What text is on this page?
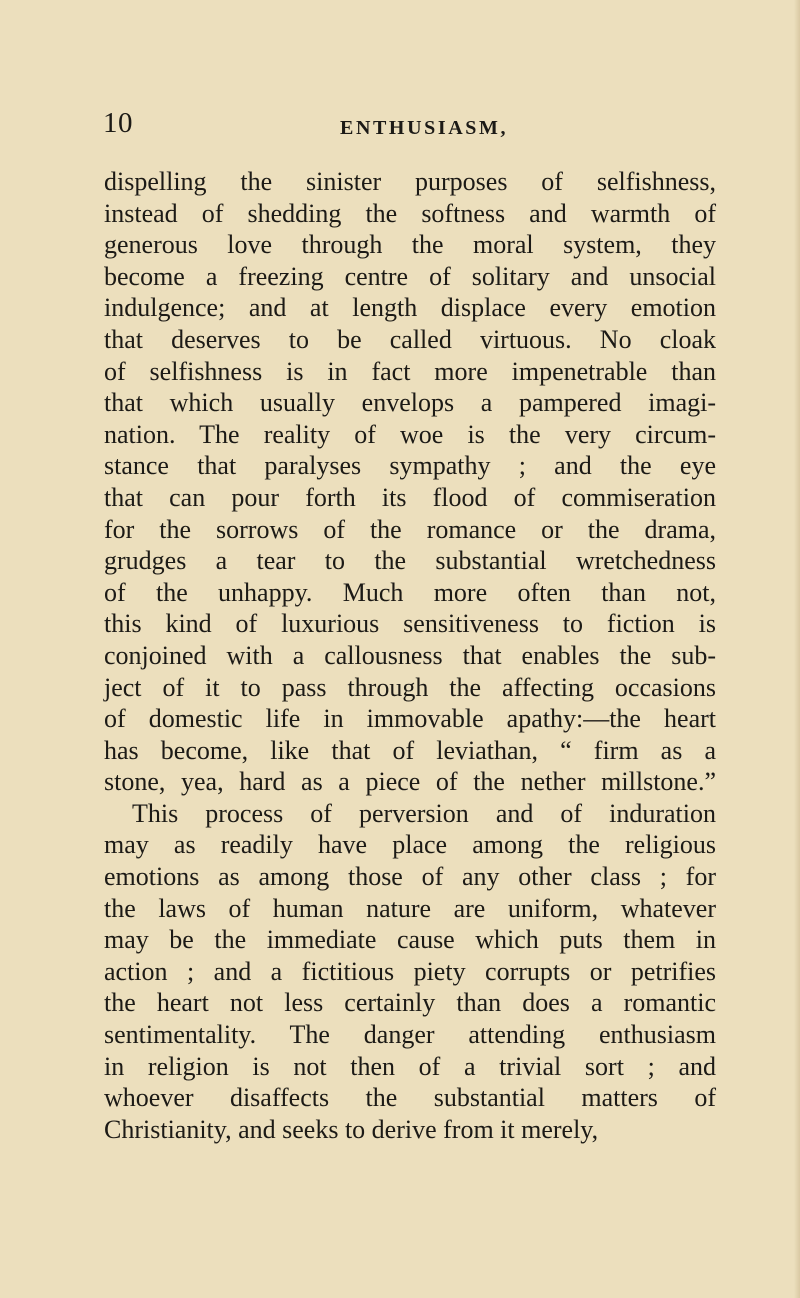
10	ENTHUSIASM,
dispelling the sinister purposes of selfishness,
instead of shedding the softness and warmth of
generous love through the moral system, they
become a freezing centre of solitary and unsocial
indulgence; and at length displace every emotion
that deserves to be called virtuous. No cloak
of selfishness is in fact more impenetrable than
that which usually envelops a pampered imagi-
nation. The reality of woe is the very circum-
stance that paralyses sympathy ; and the eye
that can pour forth its flood of commiseration
for the sorrows of the romance or the drama,
grudges a tear to the substantial wretchedness
of the unhappy. Much more often than not,
this kind of luxurious sensitiveness to fiction is
conjoined with a callousness that enables the sub-
ject of it to pass through the affecting occasions
of domestic life in immovable apathy:—the heart
has become, like that of leviathan, “ firm as a
stone, yea, hard as a piece of the nether millstone.”
This process of perversion and of induration
may as readily have place among the religious
emotions as among those of any other class ; for
the laws of human nature are uniform, whatever
may be the immediate cause which puts them in
action ; and a fictitious piety corrupts or petrifies
the heart not less certainly than does a romantic
sentimentality. The danger attending enthusiasm
in religion is not then of a trivial sort ; and
whoever disaffects the substantial matters of
Christianity, and seeks to derive from it merely,
